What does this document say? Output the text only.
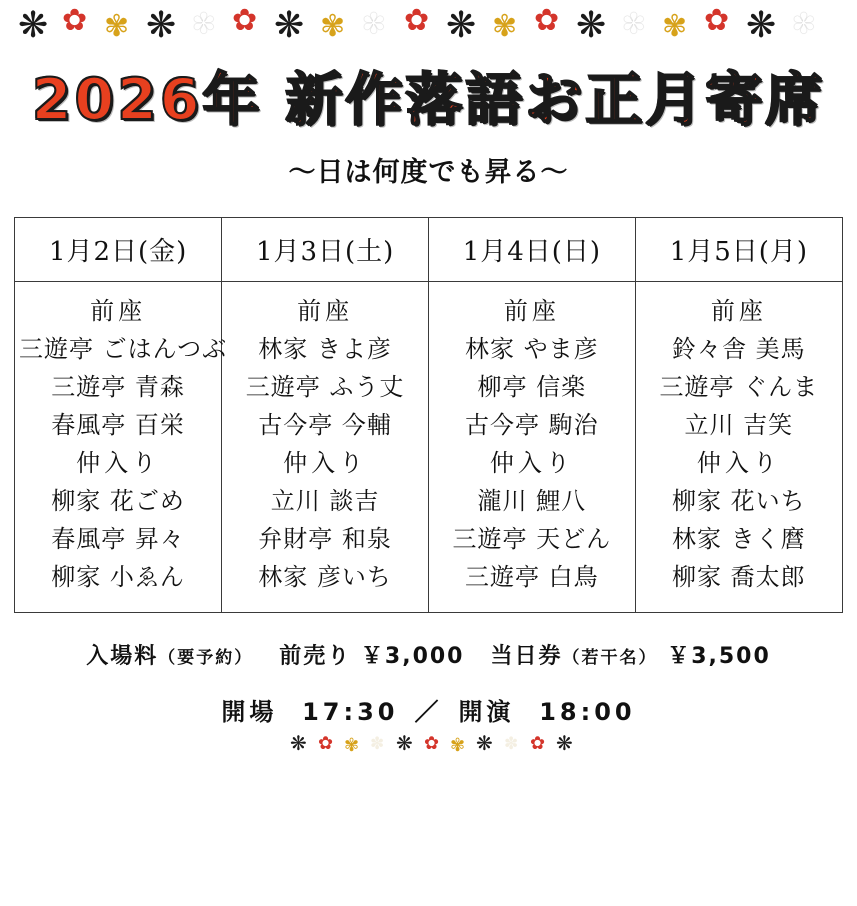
❋ ✿ ✾ ❋ ✽ ✿ ❋ ✾ ✽ ✿ ❋ ✾ ✿ ❋ ✽ ✾ ✿ ❋ ✽
2026年 新作落語お正月寄席
〜日は何度でも昇る〜
1月2日(金)	1月3日(土)	1月4日(日)	1月5日(月)

前座
三遊亭 ごはんつぶ
三遊亭 青森
春風亭 百栄
仲入り
柳家 花ごめ
春風亭 昇々
柳家 小ゑん

前座
林家 きよ彦
三遊亭 ふう丈
古今亭 今輔
仲入り
立川 談吉
弁財亭 和泉
林家 彦いち

前座
林家 やま彦
柳亭 信楽
古今亭 駒治
仲入り
瀧川 鯉八
三遊亭 天どん
三遊亭 白鳥

前座
鈴々舎 美馬
三遊亭 ぐんま
立川 吉笑
仲入り
柳家 花いち
林家 きく麿
柳家 喬太郎
入場料（要予約） 前売り ￥3,000 当日券（若干名） ￥3,500
開場 17:30 ／ 開演 18:00
❋ ✿ ✾ ✽ ❋ ✿ ✾ ❋ ✽ ✿ ❋
